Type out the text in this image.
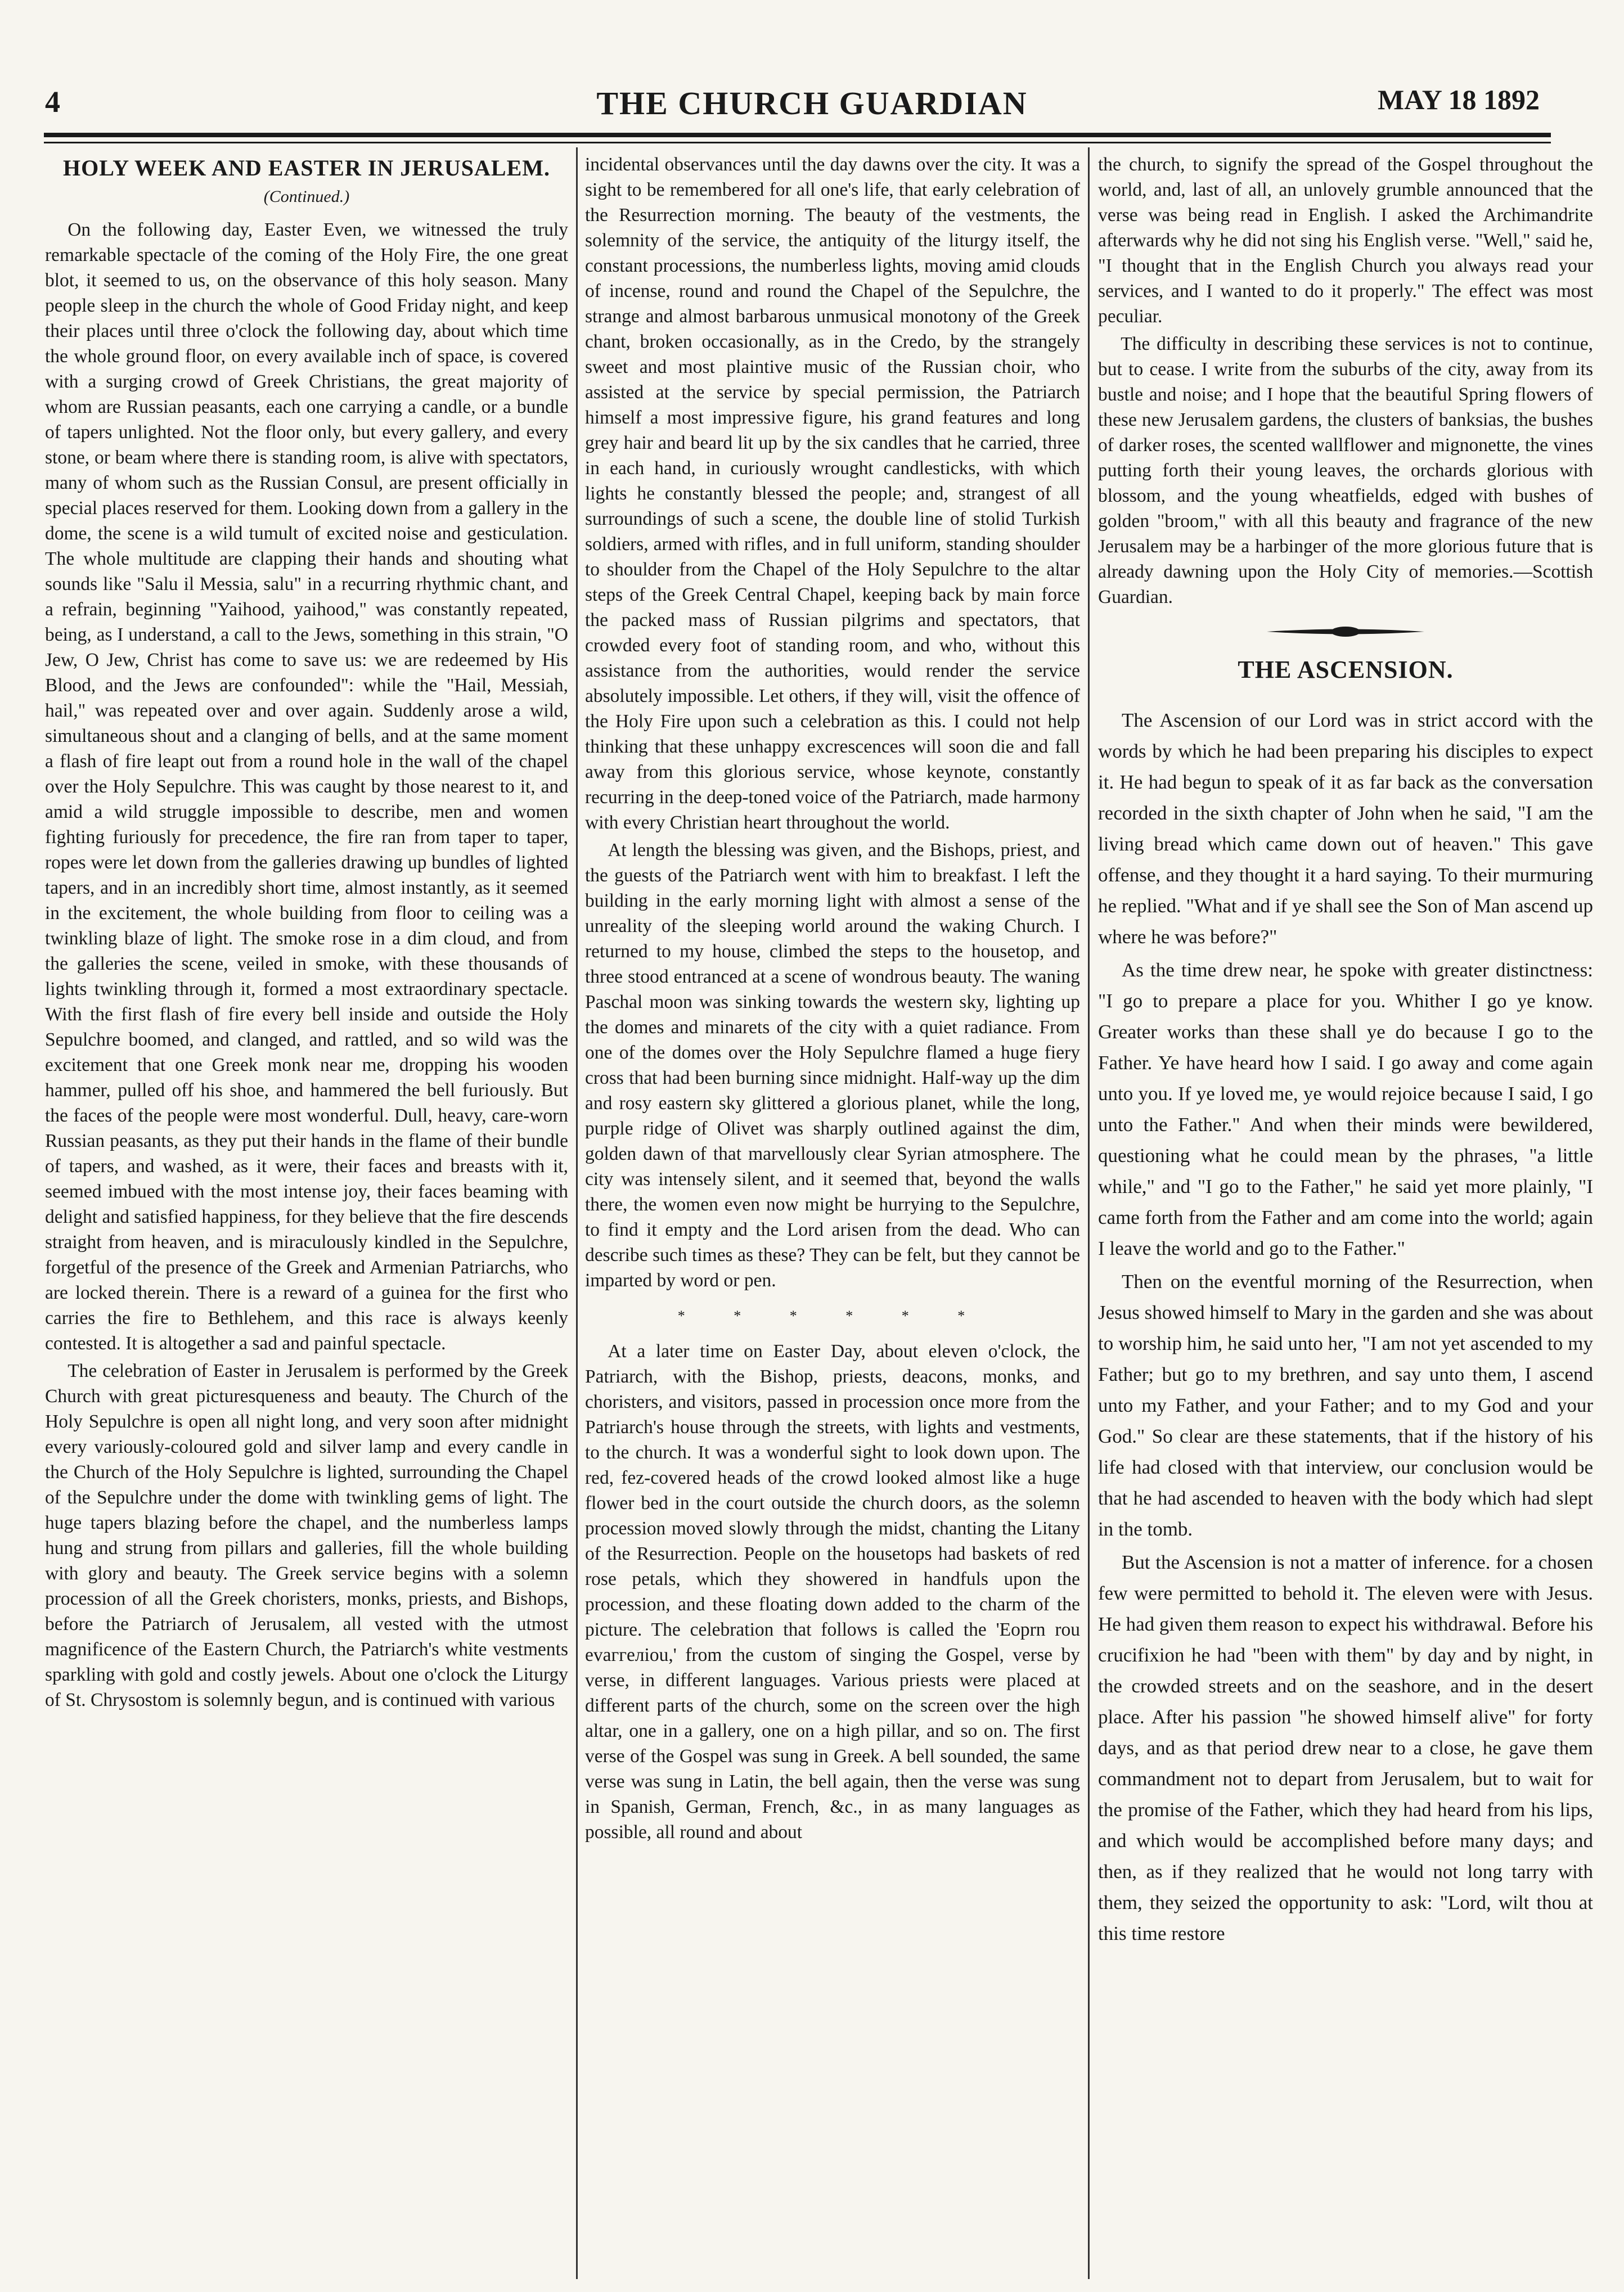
4	THE CHURCH GUARDIAN	MAY 18 1892
HOLY WEEK AND EASTER IN JERUSALEM.
(Continued.)

On the following day, Easter Even, we witnessed the truly remarkable spectacle of the coming of the Holy Fire, the one great blot, it seemed to us, on the observance of this holy season. Many people sleep in the church the whole of Good Friday night, and keep their places until three o'clock the following day, about which time the whole ground floor, on every available inch of space, is covered with a surging crowd of Greek Christians, the great majority of whom are Russian peasants, each one carrying a candle, or a bundle of tapers unlighted. Not the floor only, but every gallery, and every stone, or beam where there is standing room, is alive with spectators, many of whom such as the Russian Consul, are present officially in special places reserved for them. Looking down from a gallery in the dome, the scene is a wild tumult of excited noise and gesticulation. The whole multitude are clapping their hands and shouting what sounds like "Salu il Messia, salu" in a recurring rhythmic chant, and a refrain, beginning "Yaihood, yaihood," was constantly repeated, being, as I understand, a call to the Jews, something in this strain, "O Jew, O Jew, Christ has come to save us: we are redeemed by His Blood, and the Jews are confounded": while the "Hail, Messiah, hail," was repeated over and over again. Suddenly arose a wild, simultaneous shout and a clanging of bells, and at the same moment a flash of fire leapt out from a round hole in the wall of the chapel over the Holy Sepulchre. This was caught by those nearest to it, and amid a wild struggle impossible to describe, men and women fighting furiously for precedence, the fire ran from taper to taper, ropes were let down from the galleries drawing up bundles of lighted tapers, and in an incredibly short time, almost instantly, as it seemed in the excitement, the whole building from floor to ceiling was a twinkling blaze of light. The smoke rose in a dim cloud, and from the galleries the scene, veiled in smoke, with these thousands of lights twinkling through it, formed a most extraordinary spectacle. With the first flash of fire every bell inside and outside the Holy Sepulchre boomed, and clanged, and rattled, and so wild was the excitement that one Greek monk near me, dropping his wooden hammer, pulled off his shoe, and hammered the bell furiously. But the faces of the people were most wonderful. Dull, heavy, care-worn Russian peasants, as they put their hands in the flame of their bundle of tapers, and washed, as it were, their faces and breasts with it, seemed imbued with the most intense joy, their faces beaming with delight and satisfied happiness, for they believe that the fire descends straight from heaven, and is miraculously kindled in the Sepulchre, forgetful of the presence of the Greek and Armenian Patriarchs, who are locked therein. There is a reward of a guinea for the first who carries the fire to Bethlehem, and this race is always keenly contested. It is altogether a sad and painful spectacle.

The celebration of Easter in Jerusalem is performed by the Greek Church with great picturesqueness and beauty. The Church of the Holy Sepulchre is open all night long, and very soon after midnight every variously-coloured gold and silver lamp and every candle in the Church of the Holy Sepulchre is lighted, surrounding the Chapel of the Sepulchre under the dome with twinkling gems of light. The huge tapers blazing before the chapel, and the numberless lamps hung and strung from pillars and galleries, fill the whole building with glory and beauty. The Greek service begins with a solemn procession of all the Greek choristers, monks, priests, and Bishops, before the Patriarch of Jerusalem, all vested with the utmost magnificence of the Eastern Church, the Patriarch's white vestments sparkling with gold and costly jewels. About one o'clock the Liturgy of St. Chrysostom is solemnly begun, and is continued with various

incidental observances until the day dawns over the city. It was a sight to be remembered for all one's life, that early celebration of the Resurrection morning. The beauty of the vestments, the solemnity of the service, the antiquity of the liturgy itself, the constant processions, the numberless lights, moving amid clouds of incense, round and round the Chapel of the Sepulchre, the strange and almost barbarous unmusical monotony of the Greek chant, broken occasionally, as in the Credo, by the strangely sweet and most plaintive music of the Russian choir, who assisted at the service by special permission, the Patriarch himself a most impressive figure, his grand features and long grey hair and beard lit up by the six candles that he carried, three in each hand, in curiously wrought candlesticks, with which lights he constantly blessed the people; and, strangest of all surroundings of such a scene, the double line of stolid Turkish soldiers, armed with rifles, and in full uniform, standing shoulder to shoulder from the Chapel of the Holy Sepulchre to the altar steps of the Greek Central Chapel, keeping back by main force the packed mass of Russian pilgrims and spectators, that crowded every foot of standing room, and who, without this assistance from the authorities, would render the service absolutely impossible. Let others, if they will, visit the offence of the Holy Fire upon such a celebration as this. I could not help thinking that these unhappy excrescences will soon die and fall away from this glorious service, whose keynote, constantly recurring in the deep-toned voice of the Patriarch, made harmony with every Christian heart throughout the world.

At length the blessing was given, and the Bishops, priest, and the guests of the Patriarch went with him to breakfast. I left the building in the early morning light with almost a sense of the unreality of the sleeping world around the waking Church. I returned to my house, climbed the steps to the housetop, and three stood entranced at a scene of wondrous beauty. The waning Paschal moon was sinking towards the western sky, lighting up the domes and minarets of the city with a quiet radiance. From one of the domes over the Holy Sepulchre flamed a huge fiery cross that had been burning since midnight. Half-way up the dim and rosy eastern sky glittered a glorious planet, while the long, purple ridge of Olivet was sharply outlined against the dim, golden dawn of that marvellously clear Syrian atmosphere. The city was intensely silent, and it seemed that, beyond the walls there, the women even now might be hurrying to the Sepulchre, to find it empty and the Lord arisen from the dead. Who can describe such times as these? They can be felt, but they cannot be imparted by word or pen.

* * * * * *

At a later time on Easter Day, about eleven o'clock, the Patriarch, with the Bishop, priests, deacons, monks, and choristers, and visitors, passed in procession once more from the Patriarch's house through the streets, with lights and vestments, to the church. It was a wonderful sight to look down upon. The red, fez-covered heads of the crowd looked almost like a huge flower bed in the court outside the church doors, as the solemn procession moved slowly through the midst, chanting the Litany of the Resurrection. People on the housetops had baskets of red rose petals, which they showered in handfuls upon the procession, and these floating down added to the charm of the picture. The celebration that follows is called the 'Eoprn rou evaггeлiou,' from the custom of singing the Gospel, verse by verse, in different languages. Various priests were placed at different parts of the church, some on the screen over the high altar, one in a gallery, one on a high pillar, and so on. The first verse of the Gospel was sung in Greek. A bell sounded, the same verse was sung in Latin, the bell again, then the verse was sung in Spanish, German, French, &c., in as many languages as possible, all round and about

the church, to signify the spread of the Gospel throughout the world, and, last of all, an unlovely grumble announced that the verse was being read in English. I asked the Archimandrite afterwards why he did not sing his English verse. "Well," said he, "I thought that in the English Church you always read your services, and I wanted to do it properly." The effect was most peculiar.

The difficulty in describing these services is not to continue, but to cease. I write from the suburbs of the city, away from its bustle and noise; and I hope that the beautiful Spring flowers of these new Jerusalem gardens, the clusters of banksias, the bushes of darker roses, the scented wallflower and mignonette, the vines putting forth their young leaves, the orchards glorious with blossom, and the young wheatfields, edged with bushes of golden "broom," with all this beauty and fragrance of the new Jerusalem may be a harbinger of the more glorious future that is already dawning upon the Holy City of memories.—Scottish Guardian.

THE ASCENSION.

The Ascension of our Lord was in strict accord with the words by which he had been preparing his disciples to expect it. He had begun to speak of it as far back as the conversation recorded in the sixth chapter of John when he said, "I am the living bread which came down out of heaven." This gave offense, and they thought it a hard saying. To their murmuring he replied. "What and if ye shall see the Son of Man ascend up where he was before?"

As the time drew near, he spoke with greater distinctness: "I go to prepare a place for you. Whither I go ye know. Greater works than these shall ye do because I go to the Father. Ye have heard how I said. I go away and come again unto you. If ye loved me, ye would rejoice because I said, I go unto the Father." And when their minds were bewildered, questioning what he could mean by the phrases, "a little while," and "I go to the Father," he said yet more plainly, "I came forth from the Father and am come into the world; again I leave the world and go to the Father."

Then on the eventful morning of the Resurrection, when Jesus showed himself to Mary in the garden and she was about to worship him, he said unto her, "I am not yet ascended to my Father; but go to my brethren, and say unto them, I ascend unto my Father, and your Father; and to my God and your God." So clear are these statements, that if the history of his life had closed with that interview, our conclusion would be that he had ascended to heaven with the body which had slept in the tomb.

But the Ascension is not a matter of inference. for a chosen few were permitted to behold it. The eleven were with Jesus. He had given them reason to expect his withdrawal. Before his crucifixion he had "been with them" by day and by night, in the crowded streets and on the seashore, and in the desert place. After his passion "he showed himself alive" for forty days, and as that period drew near to a close, he gave them commandment not to depart from Jerusalem, but to wait for the promise of the Father, which they had heard from his lips, and which would be accomplished before many days; and then, as if they realized that he would not long tarry with them, they seized the opportunity to ask: "Lord, wilt thou at this time restore
